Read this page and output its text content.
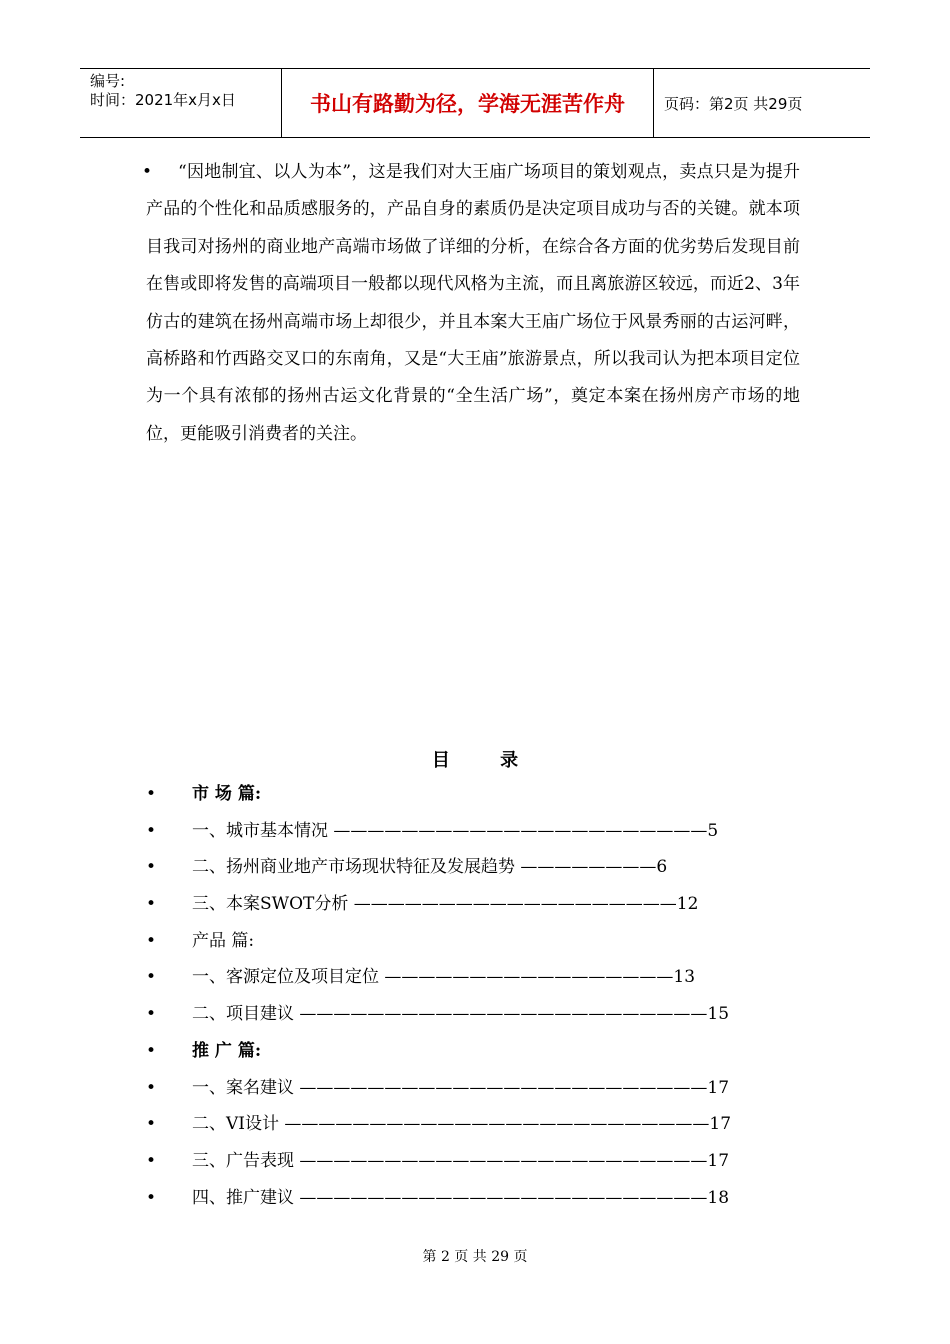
编号:
时间：2021年x月x日	书山有路勤为径，学海无涯苦作舟	页码：第2页 共29页
•	“因地制宜、以人为本”，这是我们对大王庙广场项目的策划观点，卖点只是为提升产品的个性化和品质感服务的，产品自身的素质仍是决定项目成功与否的关键。就本项目我司对扬州的商业地产高端市场做了详细的分析，在综合各方面的优劣势后发现目前在售或即将发售的高端项目一般都以现代风格为主流，而且离旅游区较远，而近2、3年仿古的建筑在扬州高端市场上却很少，并且本案大王庙广场位于风景秀丽的古运河畔，高桥路和竹西路交叉口的东南角，又是“大王庙”旅游景点，所以我司认为把本项目定位为一个具有浓郁的扬州古运文化背景的“全生活广场”，奠定本案在扬州房产市场的地位，更能吸引消费者的关注。

目	录
• 市 场 篇:
• 一、城市基本情况 ——————————————————————5
• 二、扬州商业地产市场现状特征及发展趋势 ————————6
• 三、本案SWOT分析 ———————————————————12
• 产品 篇:
• 一、客源定位及项目定位 —————————————————13
• 二、项目建议 ————————————————————————15
• 推 广 篇:
• 一、案名建议 ————————————————————————17
• 二、VI设计 —————————————————————————17
• 三、广告表现 ————————————————————————17
• 四、推广建议 ————————————————————————18
第 2 页 共 29 页
